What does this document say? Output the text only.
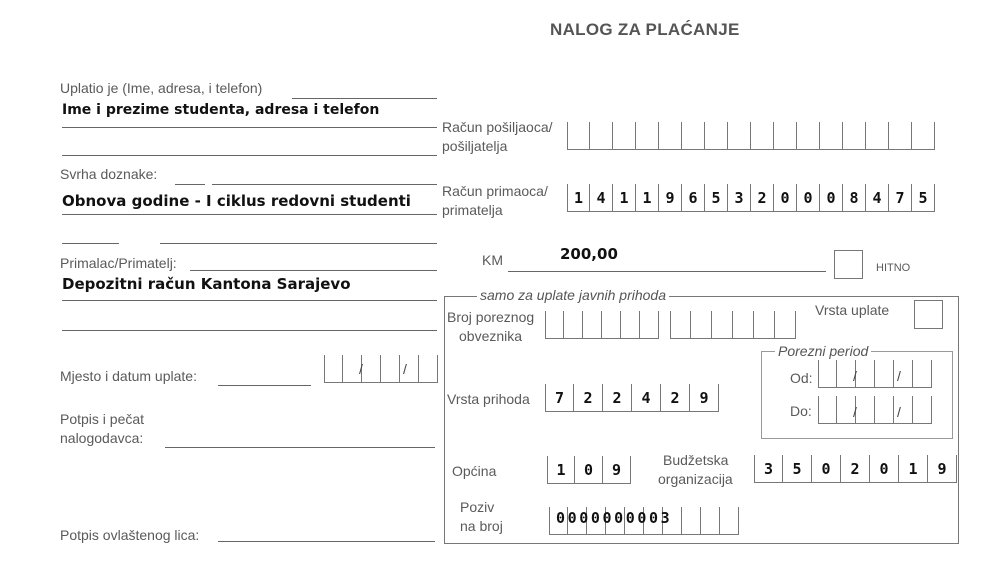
NALOG ZA PLAĆANJE
Uplatio je (Ime, adresa, i telefon)
Ime i prezime studenta, adresa i telefon
Svrha doznake:
Obnova godine - I ciklus redovni studenti
Primalac/Primatelj:
Depozitni račun Kantona Sarajevo
Mjesto i datum uplate:	/	/
Potpis i pečat
nalogodavca:
Potpis ovlaštenog lica:
Račun pošiljaoca/
pošiljatelja
Račun primaoca/
primatelja
1 4 1 1 9 6 5 3 2 0 0 0 8 4 7 5
KM	200,00
HITNO
samo za uplate javnih prihoda
Broj poreznog
obveznika
Vrsta uplate
Porezni period
Od:	/	/
Do:	/	/
Vrsta prihoda	7	2	2	4	2	9
Općina	1	0	9
Budžetska
organizacija
3	5	0	2	0	1	9
Poziv
na broj	0000000003
